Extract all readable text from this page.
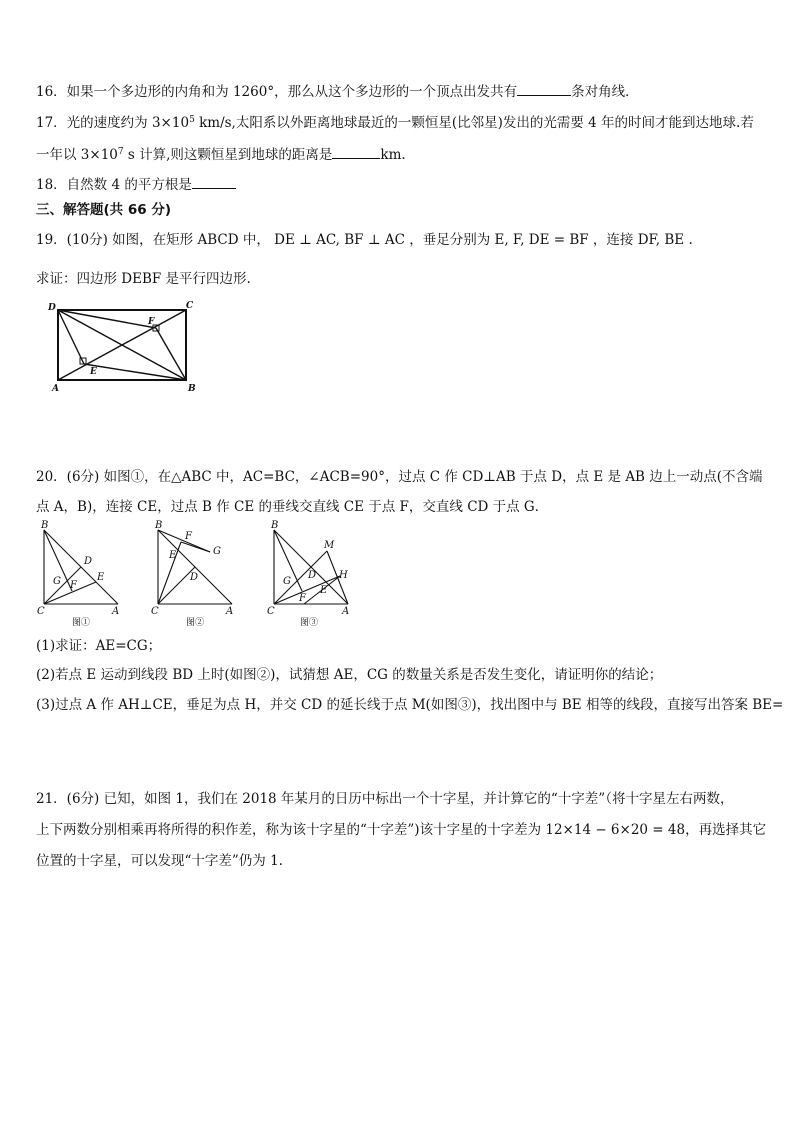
16．如果一个多边形的内角和为 1260°，那么从这个多边形的一个顶点出发共有	条对角线．
17．光的速度约为 $3\times 10^5$ km/s,太阳系以外距离地球最近的一颗恒星(比邻星)发出的光需要 4 年的时间才能到达地球.若
一年以 $3\times 10^7$ s 计算,则这颗恒星到地球的距离是	km.
18．自然数 4 的平方根是
三、解答题(共 66 分)
19．(10分) 如图，在矩形 ABCD 中， DE ⊥ AC, BF ⊥ AC ，垂足分别为 E, F, DE = BF ，连接 DF, BE .
求证：四边形 DEBF 是平行四边形.
D	C
F
E
A	B
20．(6分) 如图①，在△ABC 中，AC=BC，∠ACB=90°，过点 C 作 CD⊥AB 于点 D，点 E 是 AB 边上一动点(不含端
点 A，B)，连接 CE，过点 B 作 CE 的垂线交直线 CE 于点 F，交直线 CD 于点 G．
B
D
G	E
F
C	A
图①
B
F
E	G
D
C	A
图②
B
M
D H
G
E
F
C	A
图③
(1)求证：AE=CG；
(2)若点 E 运动到线段 BD 上时(如图②)，试猜想 AE，CG 的数量关系是否发生变化，请证明你的结论；
(3)过点 A 作 AH⊥CE，垂足为点 H，并交 CD 的延长线于点 M(如图③)，找出图中与 BE 相等的线段，直接写出答案 BE=
21．(6分) 已知，如图 1，我们在 2018 年某月的日历中标出一个十字星，并计算它的“十字差”（将十字星左右两数，
上下两数分别相乘再将所得的积作差，称为该十字星的“十字差”)该十字星的十字差为 12×14 − 6×20 = 48，再选择其它
位置的十字星，可以发现“十字差”仍为 1.
